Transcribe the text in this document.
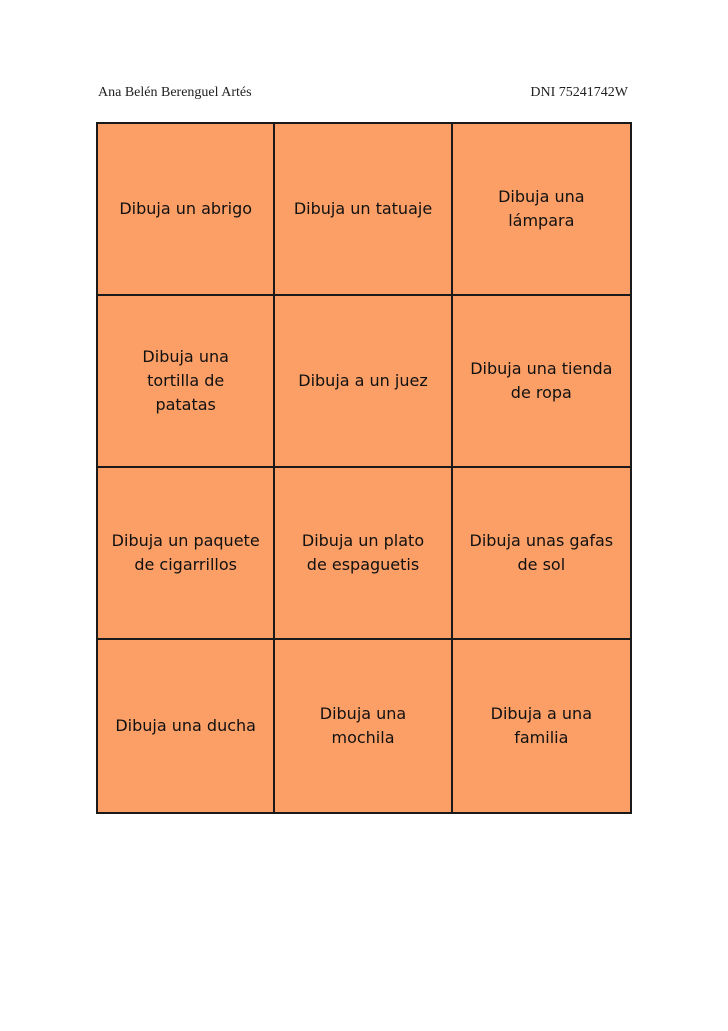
Ana Belén Berenguel Artés	DNI 75241742W
Dibuja un abrigo	Dibuja un tatuaje
Dibuja una
lámpara
Dibuja una
tortilla de
patatas
Dibuja a un juez
Dibuja una tienda
de ropa
Dibuja un paquete
de cigarrillos
Dibuja un plato
de espaguetis
Dibuja unas gafas
de sol
Dibuja una ducha
Dibuja una
mochila
Dibuja a una
familia
